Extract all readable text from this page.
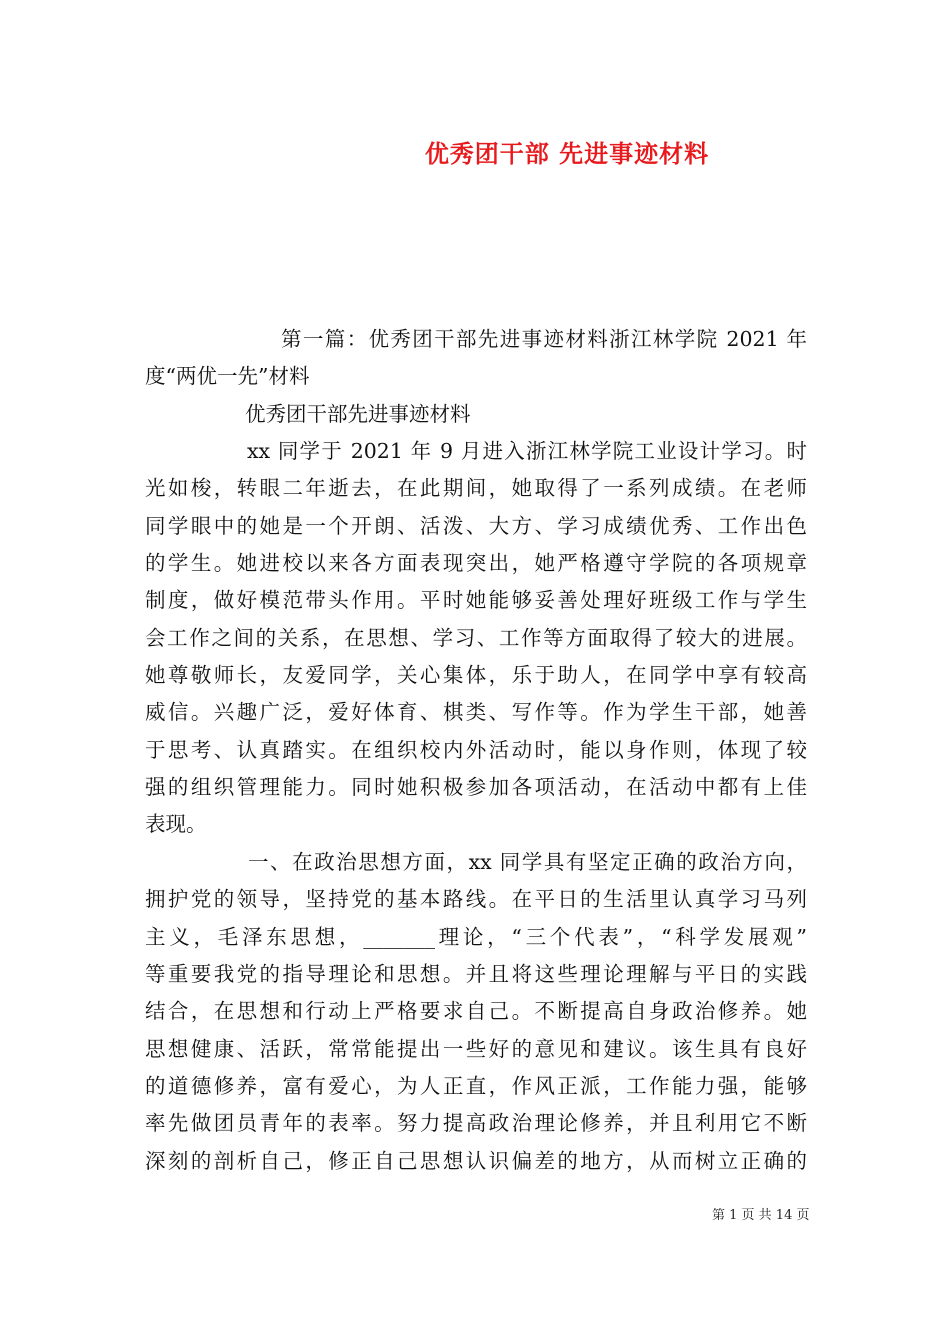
优秀团干部 先进事迹材料
第一篇：优秀团干部先进事迹材料浙江林学院 2021 年
度“两优一先”材料
优秀团干部先进事迹材料
xx 同学于 2021 年 9 月进入浙江林学院工业设计学习。时
光如梭，转眼二年逝去，在此期间，她取得了一系列成绩。在老师
同学眼中的她是一个开朗、活泼、大方、学习成绩优秀、工作出色
的学生。她进校以来各方面表现突出，她严格遵守学院的各项规章
制度，做好模范带头作用。平时她能够妥善处理好班级工作与学生
会工作之间的关系，在思想、学习、工作等方面取得了较大的进展。
她尊敬师长，友爱同学，关心集体，乐于助人，在同学中享有较高
威信。兴趣广泛，爱好体育、棋类、写作等。作为学生干部，她善
于思考、认真踏实。在组织校内外活动时，能以身作则，体现了较
强的组织管理能力。同时她积极参加各项活动，在活动中都有上佳
表现。
一、在政治思想方面，xx 同学具有坚定正确的政治方向，
拥护党的领导，坚持党的基本路线。在平日的生活里认真学习马列
主义，毛泽东思想，_______理论，“三个代表”，“科学发展观”
等重要我党的指导理论和思想。并且将这些理论理解与平日的实践
结合，在思想和行动上严格要求自己。不断提高自身政治修养。她
思想健康、活跃，常常能提出一些好的意见和建议。该生具有良好
的道德修养，富有爱心，为人正直，作风正派，工作能力强，能够
率先做团员青年的表率。努力提高政治理论修养，并且利用它不断
深刻的剖析自己，修正自己思想认识偏差的地方，从而树立正确的
第 1 页 共 14 页
